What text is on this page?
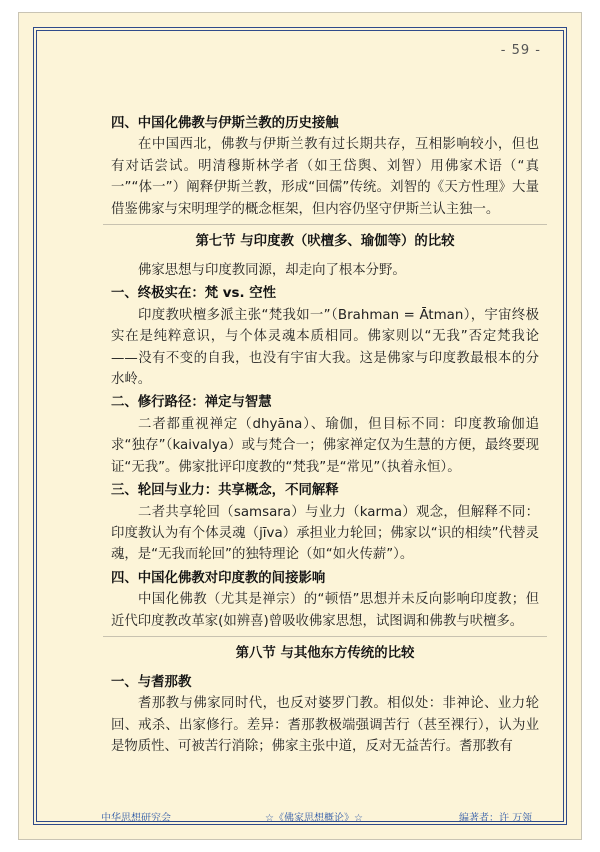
- 59 -
四、中国化佛教与伊斯兰教的历史接触

在中国西北，佛教与伊斯兰教有过长期共存，互相影响较小，但也有对话尝试。明清穆斯林学者（如王岱舆、刘智）用佛家术语（“真一”“体一”）阐释伊斯兰教，形成“回儒”传统。刘智的《天方性理》大量借鉴佛家与宋明理学的概念框架，但内容仍坚守伊斯兰认主独一。

第七节 与印度教（吠檀多、瑜伽等）的比较

佛家思想与印度教同源，却走向了根本分野。

一、终极实在：梵 vs. 空性

印度教吠檀多派主张“梵我如一”（Brahman = Ātman），宇宙终极实在是纯粹意识，与个体灵魂本质相同。佛家则以“无我”否定梵我论——没有不变的自我，也没有宇宙大我。这是佛家与印度教最根本的分水岭。

二、修行路径：禅定与智慧

二者都重视禅定（dhyāna）、瑜伽，但目标不同：印度教瑜伽追求“独存”（kaivalya）或与梵合一；佛家禅定仅为生慧的方便，最终要现证“无我”。佛家批评印度教的“梵我”是“常见”（执着永恒）。

三、轮回与业力：共享概念，不同解释

二者共享轮回（samsara）与业力（karma）观念，但解释不同：印度教认为有个体灵魂（jīva）承担业力轮回；佛家以“识的相续”代替灵魂，是“无我而轮回”的独特理论（如“如火传薪”）。

四、中国化佛教对印度教的间接影响

中国化佛教（尤其是禅宗）的“顿悟”思想并未反向影响印度教；但近代印度教改革家(如辨喜)曾吸收佛家思想，试图调和佛教与吠檀多。

第八节 与其他东方传统的比较
一、与耆那教

耆那教与佛家同时代，也反对婆罗门教。相似处：非神论、业力轮回、戒杀、出家修行。差异：耆那教极端强调苦行（甚至裸行），认为业是物质性、可被苦行消除；佛家主张中道，反对无益苦行。耆那教有

中华思想研究会	☆《佛家思想概论》☆	编著者：许 万领
